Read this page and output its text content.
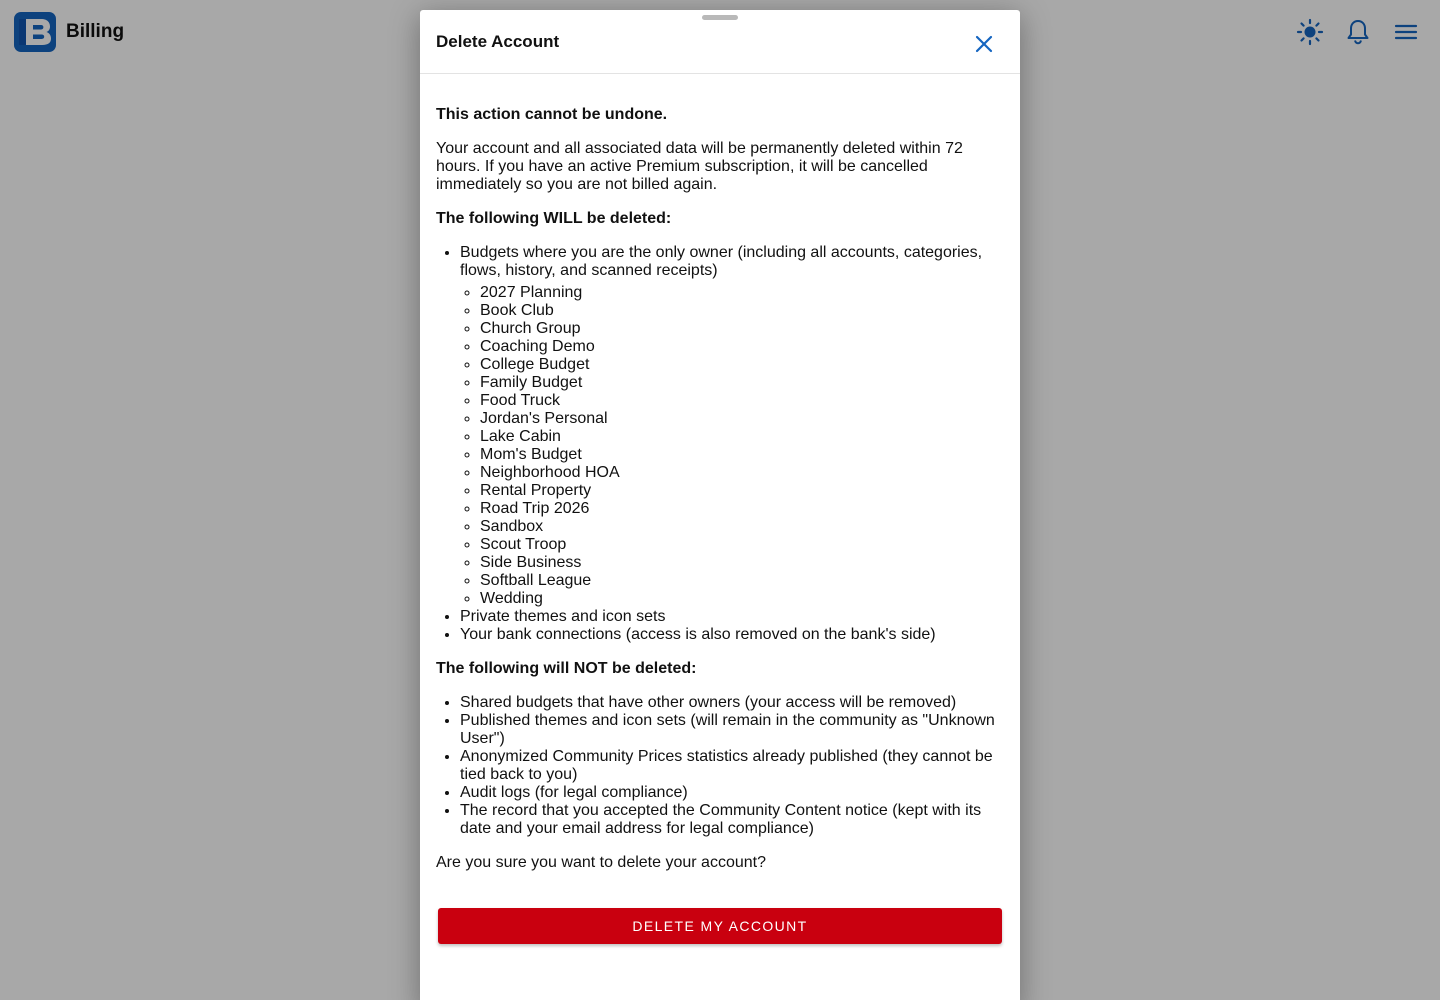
Billing	Delete Account

This action cannot be undone.

Your account and all associated data will be permanently deleted within 72 hours. If you have an active Premium subscription, it will be cancelled immediately so you are not billed again.

The following WILL be deleted:

• Budgets where you are the only owner (including all accounts, categories, flows, history, and scanned receipts)
◦ 2027 Planning
◦ Book Club
◦ Church Group
◦ Coaching Demo
◦ College Budget
◦ Family Budget
◦ Food Truck
◦ Jordan's Personal
◦ Lake Cabin
◦ Mom's Budget
◦ Neighborhood HOA
◦ Rental Property
◦ Road Trip 2026
◦ Sandbox
◦ Scout Troop
◦ Side Business
◦ Softball League
◦ Wedding
• Private themes and icon sets
• Your bank connections (access is also removed on the bank's side)

The following will NOT be deleted:

• Shared budgets that have other owners (your access will be removed)
• Published themes and icon sets (will remain in the community as "Unknown User")
• Anonymized Community Prices statistics already published (they cannot be tied back to you)
• Audit logs (for legal compliance)
• The record that you accepted the Community Content notice (kept with its date and your email address for legal compliance)

Are you sure you want to delete your account?

DELETE MY ACCOUNT
